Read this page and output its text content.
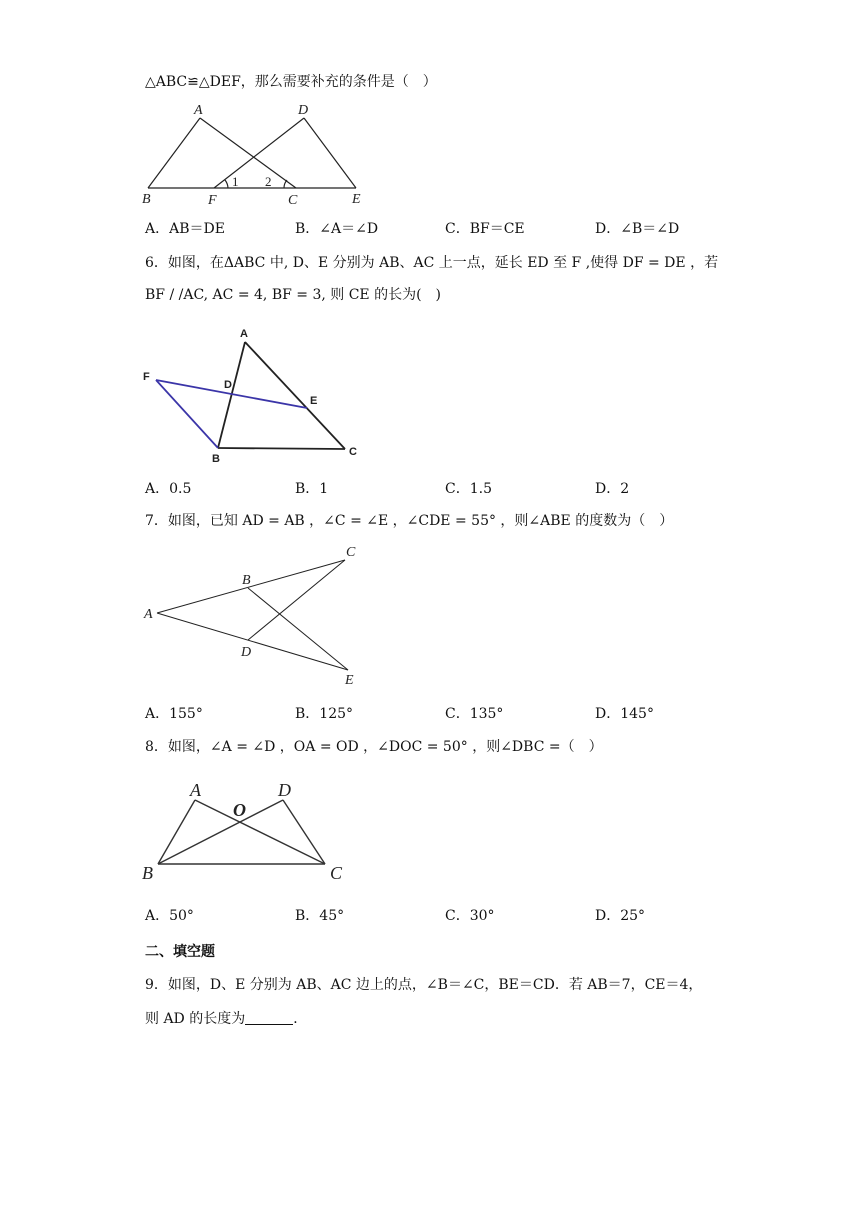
△ABC≌△DEF，那么需要补充的条件是（　）
A	D
B	F	C	E
1 2
A．AB＝DE	B．∠A＝∠D	C．BF＝CE	D．∠B＝∠D
6．如图，在ΔABC 中, D、E 分别为 AB、AC 上一点，延长 ED 至 F ,使得 DF = DE ，若
BF / /AC, AC = 4, BF = 3, 则 CE 的长为(　)
A
F
D
E
B
C
A．0.5	B．1	C．1.5	D．2
7．如图，已知 AD = AB ，∠C = ∠E ，∠CDE = 55° ，则∠ABE 的度数为（　）
A
B
C
D
E
A．155°	B．125°	C．135°	D．145°
8．如图，∠A = ∠D ，OA = OD ，∠DOC = 50° ，则∠DBC =（　）
A
O
D
B	C
A．50°	B．45°	C．30°	D．25°
二、填空题
9．如图，D、E 分别为 AB、AC 边上的点，∠B＝∠C，BE＝CD．若 AB＝7，CE＝4，
则 AD 的长度为	．
